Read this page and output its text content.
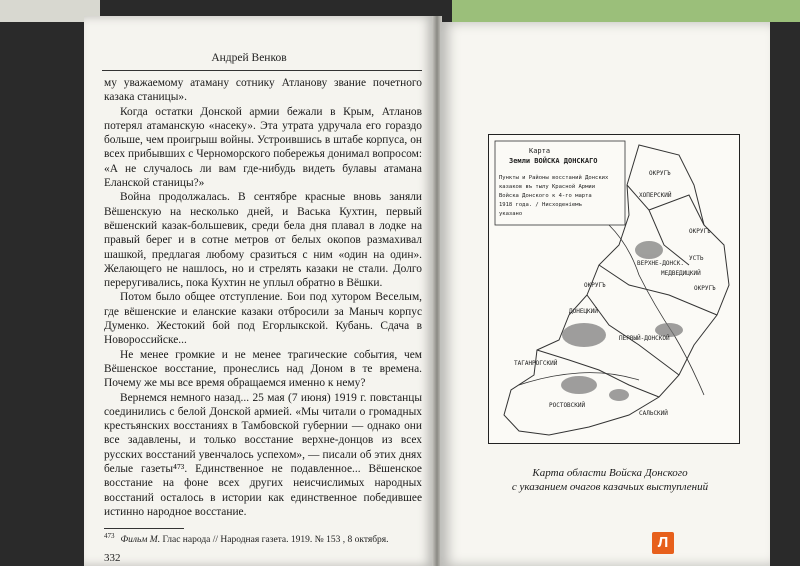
Андрей Венков

му уважаемому атаману сотнику Атланову звание почетного казака станицы».

Когда остатки Донской армии бежали в Крым, Атланов потерял атаманскую «насеку». Эта утрата удручала его гораздо больше, чем проигрыш войны. Устроившись в штабе корпуса, он всех прибывших с Черноморского побережья донимал вопросом: «А не случалось ли вам где-нибудь видеть булавы атамана Еланской станицы?»

Война продолжалась. В сентябре красные вновь заняли Вёшенскую на несколько дней, и Васька Кухтин, первый вёшенский казак-большевик, среди бела дня плавал в лодке на правый берег и в сотне метров от белых окопов размахивал шашкой, предлагая любому сразиться с ним «один на один». Желающего не нашлось, но и стрелять казаки не стали. Долго переругивались, пока Кухтин не уплыл обратно в Вёшки.

Потом было общее отступление. Бои под хутором Веселым, где вёшенские и еланские казаки отбросили за Маныч корпус Думенко. Жестокий бой под Егорлыкской. Кубань. Сдача в Новороссийске...

Не менее громкие и не менее трагические события, чем Вёшенское восстание, пронеслись над Доном в те времена. Почему же мы все время обращаемся именно к нему?

Вернемся немного назад... 25 мая (7 июня) 1919 г. повстанцы соединились с белой Донской армией. «Мы читали о громадных крестьянских восстаниях в Тамбовской губернии — однако они все задавлены, и только восстание верхне-донцов из всех русских восстаний увенчалось успехом», — писали об этих днях белые газеты⁴⁷³. Единственное не подавленное... Вёшенское восстание на фоне всех других неисчислимых народных восстаний осталось в истории как единственное победившее истинно народное восстание.

$^{473}$ Фильм М. Глас народа // Народная газета. 1919. № 153 , 8 октября.
332
Карта
Земли ВОЙСКА ДОНСКАГО
Пункты и Районы восстаний Донских
казаков въ тылу Красной Армии
Войска Донского к 4-го марта
1918 года. / Нисходеніемъ
указано
ОКРУГЪ
ХОПЕРСКИЙ
ОКРУГЪ
ВЕРХНЕ-ДОНСК.
УСТЬ
МЕДВЕДИЦКИЙ
ОКРУГЪ	ОКРУГЪ
ДОНЕЦКИЙ
ПЕРВЫЙ-ДОНСКОЙ
ТАГАНРОГСКИЙ
РОСТОВСКИЙ
САЛЬСКИЙ
Карта области Войска Донского
с указанием очагов казачьих выступлений
Л
